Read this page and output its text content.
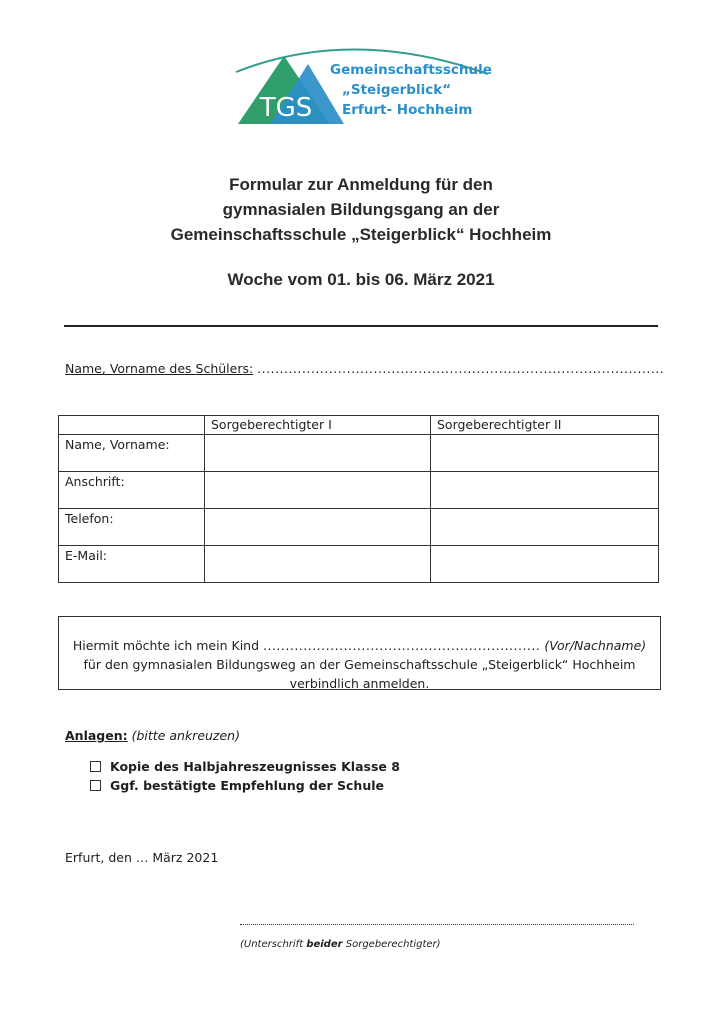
TGS
Gemeinschaftsschule
„Steigerblick“
Erfurt- Hochheim
Formular zur Anmeldung für den
gymnasialen Bildungsgang an der
Gemeinschaftsschule „Steigerblick“ Hochheim
Woche vom 01. bis 06. März 2021
Name, Vorname des Schülers: ...........................................................................................
	Sorgeberechtigter I	Sorgeberechtigter II
Name, Vorname:		
Anschrift:		
Telefon:		
E-Mail:		
Hiermit möchte ich mein Kind .............................................................. (Vor/Nachname)
für den gymnasialen Bildungsweg an der Gemeinschaftsschule „Steigerblick“ Hochheim
verbindlich anmelden.
Anlagen: (bitte ankreuzen)
Kopie des Halbjahreszeugnisses Klasse 8
Ggf. bestätigte Empfehlung der Schule
Erfurt, den … März 2021
(Unterschrift beider Sorgeberechtigter)
